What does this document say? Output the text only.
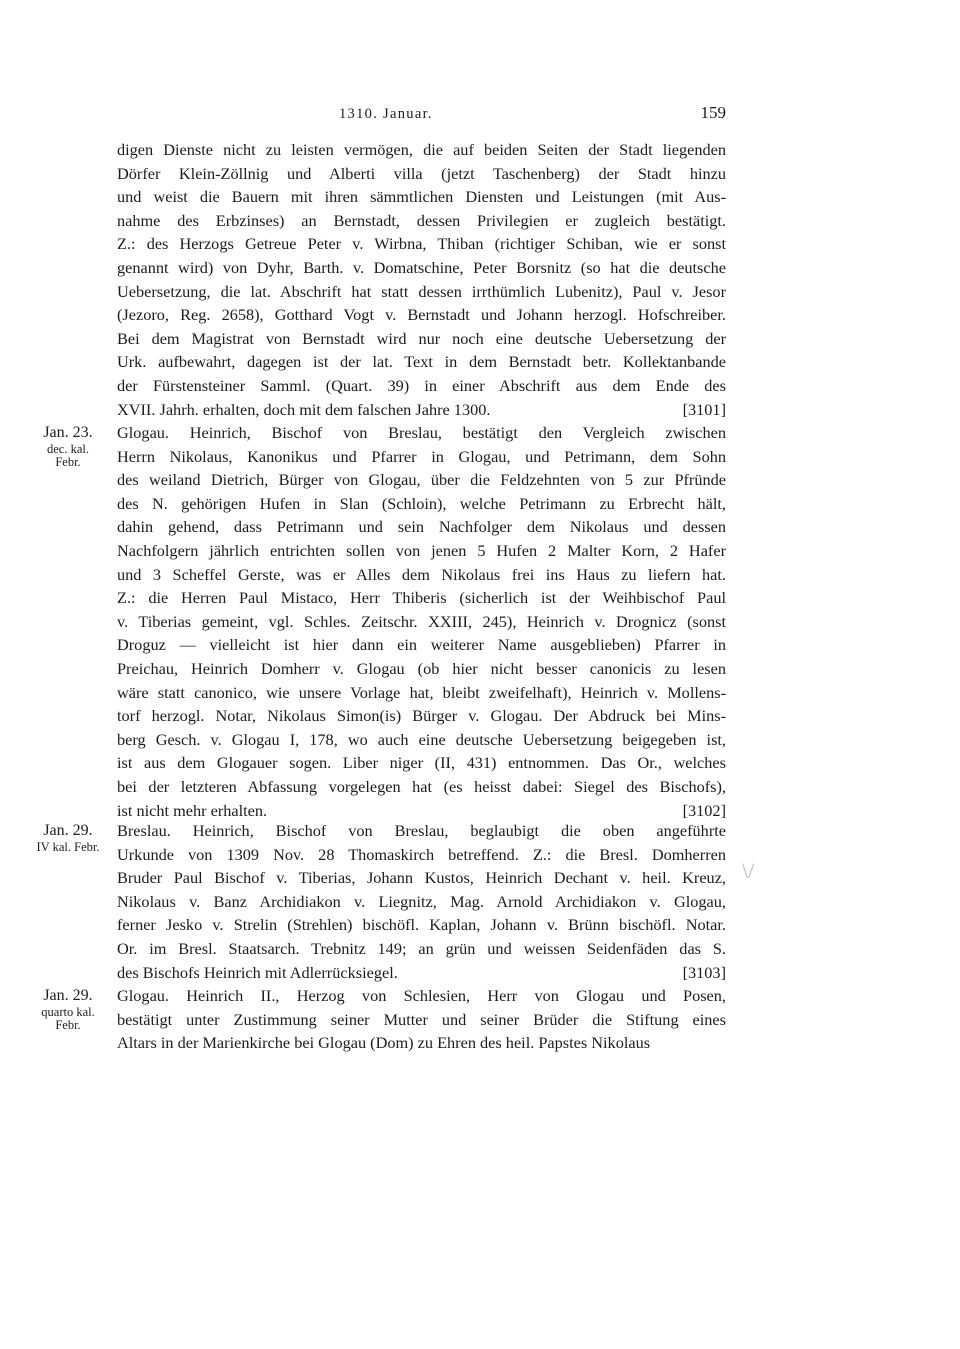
1310. Januar.	159
digen Dienste nicht zu leisten vermögen, die auf beiden Seiten der Stadt liegenden
Dörfer Klein-Zöllnig und Alberti villa (jetzt Taschenberg) der Stadt hinzu
und weist die Bauern mit ihren sämmtlichen Diensten und Leistungen (mit Aus-
nahme des Erbzinses) an Bernstadt, dessen Privilegien er zugleich bestätigt.
Z.: des Herzogs Getreue Peter v. Wirbna, Thiban (richtiger Schiban, wie er sonst
genannt wird) von Dyhr, Barth. v. Domatschine, Peter Borsnitz (so hat die deutsche
Uebersetzung, die lat. Abschrift hat statt dessen irrthümlich Lubenitz), Paul v. Jesor
(Jezoro, Reg. 2658), Gotthard Vogt v. Bernstadt und Johann herzogl. Hofschreiber.
Bei dem Magistrat von Bernstadt wird nur noch eine deutsche Uebersetzung der
Urk. aufbewahrt, dagegen ist der lat. Text in dem Bernstadt betr. Kollektanbande
der Fürstensteiner Samml. (Quart. 39) in einer Abschrift aus dem Ende des
XVII. Jahrh. erhalten, doch mit dem falschen Jahre 1300.	[3101]
Jan. 23.
dec. kal.
Febr.
Glogau. Heinrich, Bischof von Breslau, bestätigt den Vergleich zwischen
Herrn Nikolaus, Kanonikus und Pfarrer in Glogau, und Petrimann, dem Sohn
des weiland Dietrich, Bürger von Glogau, über die Feldzehnten von 5 zur Pfründe
des N. gehörigen Hufen in Slan (Schloin), welche Petrimann zu Erbrecht hält,
dahin gehend, dass Petrimann und sein Nachfolger dem Nikolaus und dessen
Nachfolgern jährlich entrichten sollen von jenen 5 Hufen 2 Malter Korn, 2 Hafer
und 3 Scheffel Gerste, was er Alles dem Nikolaus frei ins Haus zu liefern hat.
Z.: die Herren Paul Mistaco, Herr Thiberis (sicherlich ist der Weihbischof Paul
v. Tiberias gemeint, vgl. Schles. Zeitschr. XXIII, 245), Heinrich v. Drognicz (sonst
Droguz — vielleicht ist hier dann ein weiterer Name ausgeblieben) Pfarrer in
Preichau, Heinrich Domherr v. Glogau (ob hier nicht besser canonicis zu lesen
wäre statt canonico, wie unsere Vorlage hat, bleibt zweifelhaft), Heinrich v. Mollens-
torf herzogl. Notar, Nikolaus Simon(is) Bürger v. Glogau. Der Abdruck bei Mins-
berg Gesch. v. Glogau I, 178, wo auch eine deutsche Uebersetzung beigegeben ist,
ist aus dem Glogauer sogen. Liber niger (II, 431) entnommen. Das Or., welches
bei der letzteren Abfassung vorgelegen hat (es heisst dabei: Siegel des Bischofs),
ist nicht mehr erhalten.	[3102]
Jan. 29.
IV kal. Febr.
Breslau. Heinrich, Bischof von Breslau, beglaubigt die oben angeführte
Urkunde von 1309 Nov. 28 Thomaskirch betreffend. Z.: die Bresl. Domherren
Bruder Paul Bischof v. Tiberias, Johann Kustos, Heinrich Dechant v. heil. Kreuz,
Nikolaus v. Banz Archidiakon v. Liegnitz, Mag. Arnold Archidiakon v. Glogau,
ferner Jesko v. Strelin (Strehlen) bischöfl. Kaplan, Johann v. Brünn bischöfl. Notar.
Or. im Bresl. Staatsarch. Trebnitz 149; an grün und weissen Seidenfäden das S.
des Bischofs Heinrich mit Adlerrücksiegel.	[3103]
Jan. 29.
quarto kal.
Febr.
Glogau. Heinrich II., Herzog von Schlesien, Herr von Glogau und Posen,
bestätigt unter Zustimmung seiner Mutter und seiner Brüder die Stiftung eines
Altars in der Marienkirche bei Glogau (Dom) zu Ehren des heil. Papstes Nikolaus
\/
